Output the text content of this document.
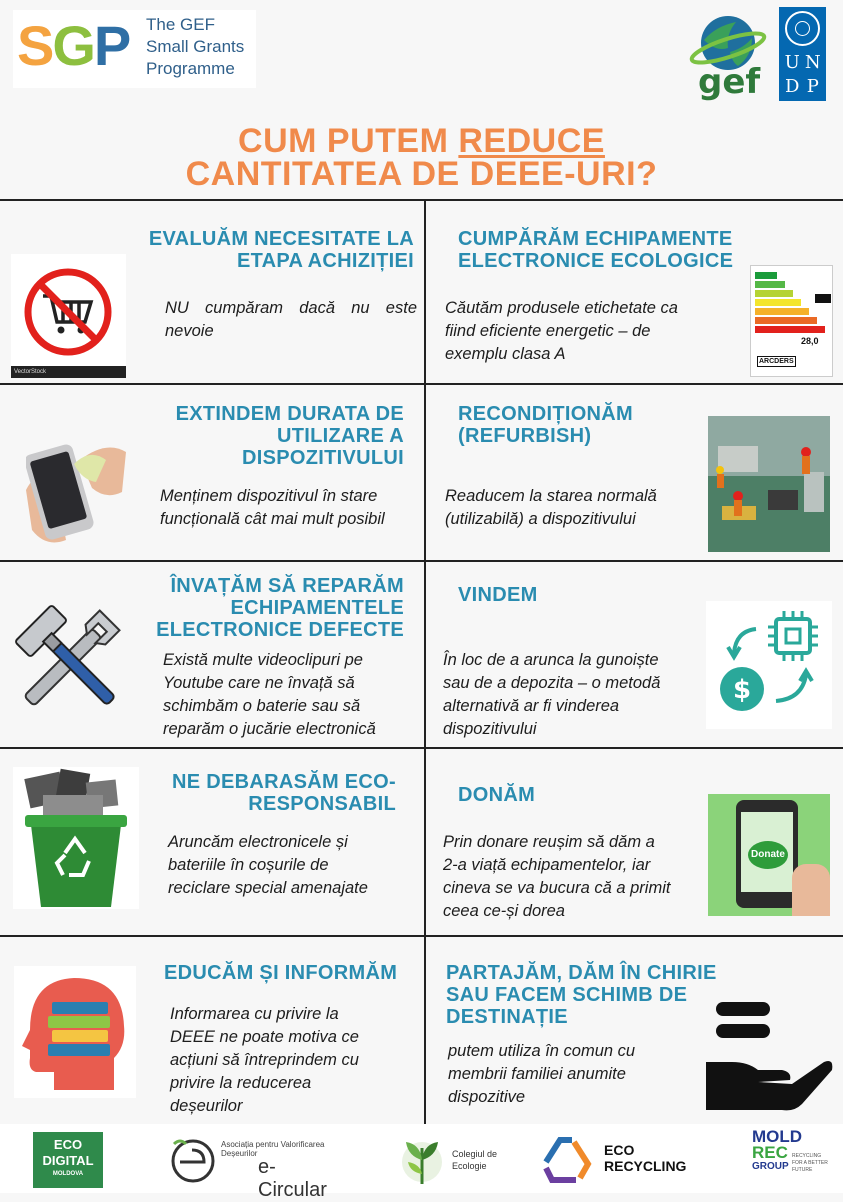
SGP The GEF
Small Grants
Programme	gef U N
D P
CUM PUTEM REDUCE
CANTITATEA DE DEEE-URI?
EVALUĂM NECESITATE LA
ETAPA ACHIZIȚIEI
VectorStock
NU cumpăram dacă nu este
nevoie
CUMPĂRĂM ECHIPAMENTE
ELECTRONICE ECOLOGICE
Căutăm produsele etichetate ca
fiind eficiente energetic – de
exemplu clasa A
28,0
ARCDERS
EXTINDEM DURATA DE
UTILIZARE A
DISPOZITIVULUI
Menținem dispozitivul în stare
funcțională cât mai mult posibil
RECONDIȚIONĂM
(REFURBISH)
Readucem la starea normală
(utilizabilă) a dispozitivului
ÎNVAȚĂM SĂ REPARĂM
ECHIPAMENTELE
ELECTRONICE DEFECTE
Există multe videoclipuri pe
Youtube care ne învață să
schimbăm o baterie sau să
reparăm o jucărie electronică
VINDEM
În loc de a arunca la gunoiște
sau de a depozita – o metodă
alternativă ar fi vinderea
dispozitivului
$
NE DEBARASĂM ECO-
RESPONSABIL
Aruncăm electronicele și
bateriile în coșurile de
reciclare special amenajate
DONĂM
Prin donare reușim să dăm a
2-a viață echipamentelor, iar
cineva se va bucura că a primit
ceea ce-și dorea
Donate
EDUCĂM ȘI INFORMĂM
Informarea cu privire la
DEEE ne poate motiva ce
acțiuni să întreprindem cu
privire la reducerea
deșeurilor
PARTAJĂM, DĂM ÎN CHIRIE
SAU FACEM SCHIMB DE
DESTINAȚIE
putem utiliza în comun cu
membrii familiei anumite
dispozitive
ECO
DIGITAL
MOLDOVA
Asociația pentru Valorificarea Deșeurilor
e-Circular
Colegiul de
Ecologie
ECO
RECYCLING
MOLD
REC
GROUP
RECYCLING
FOR A BETTER
FUTURE
